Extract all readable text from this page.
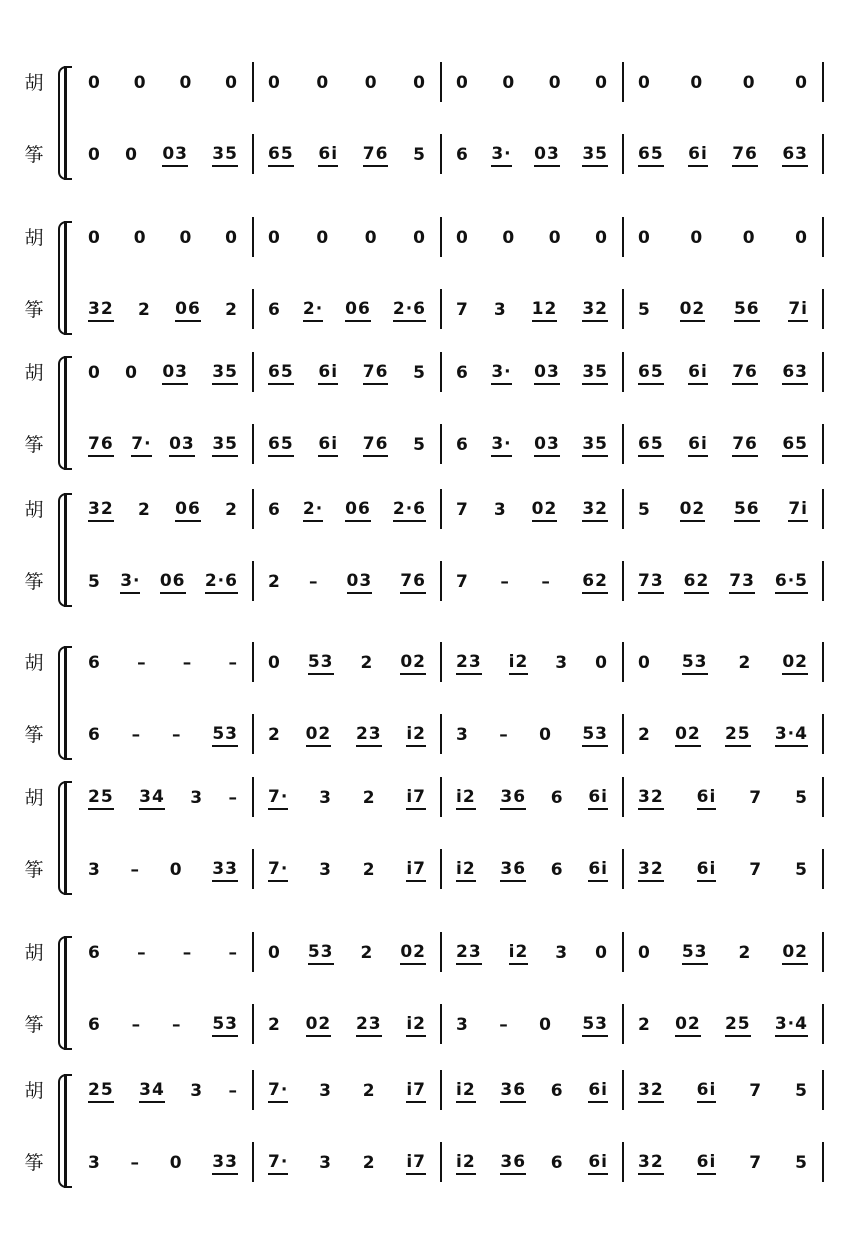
胡	0 0 0 0 0 0 0 0 0 0 0 0 0 0 0 0
筝	0 0 03 35 65 6i 76 5 6 3· 03 35 65 6i 76 63
胡	0 0 0 0 0 0 0 0 0 0 0 0 0 0 0 0
筝	32 2 06 2 6 2· 06 2·6 7 3 12 32 5 02 56 7i
胡	0 0 03 35 65 6i 76 5 6 3· 03 35 65 6i 76 63
筝	76 7· 03 35 65 6i 76 5 6 3· 03 35 65 6i 76 65
胡	32 2 06 2 6 2· 06 2·6 7 3 02 32 5 02 56 7i
筝	5 3· 06 2·6 2 – 03 76 7 – – 62 73 62 73 6·5
胡	6 – – – 0 53 2 02 23 i2 3 0 0 53 2 02
筝	6 – – 53 2 02 23 i2 3 – 0 53 2 02 25 3·4
胡	25 34 3 – 7· 3 2 i7 i2 36 6 6i 32 6i 7 5
筝	3 – 0 33 7· 3 2 i7 i2 36 6 6i 32 6i 7 5
胡	6 – – – 0 53 2 02 23 i2 3 0 0 53 2 02
筝	6 – – 53 2 02 23 i2 3 – 0 53 2 02 25 3·4
胡	25 34 3 – 7· 3 2 i7 i2 36 6 6i 32 6i 7 5
筝	3 – 0 33 7· 3 2 i7 i2 36 6 6i 32 6i 7 5
